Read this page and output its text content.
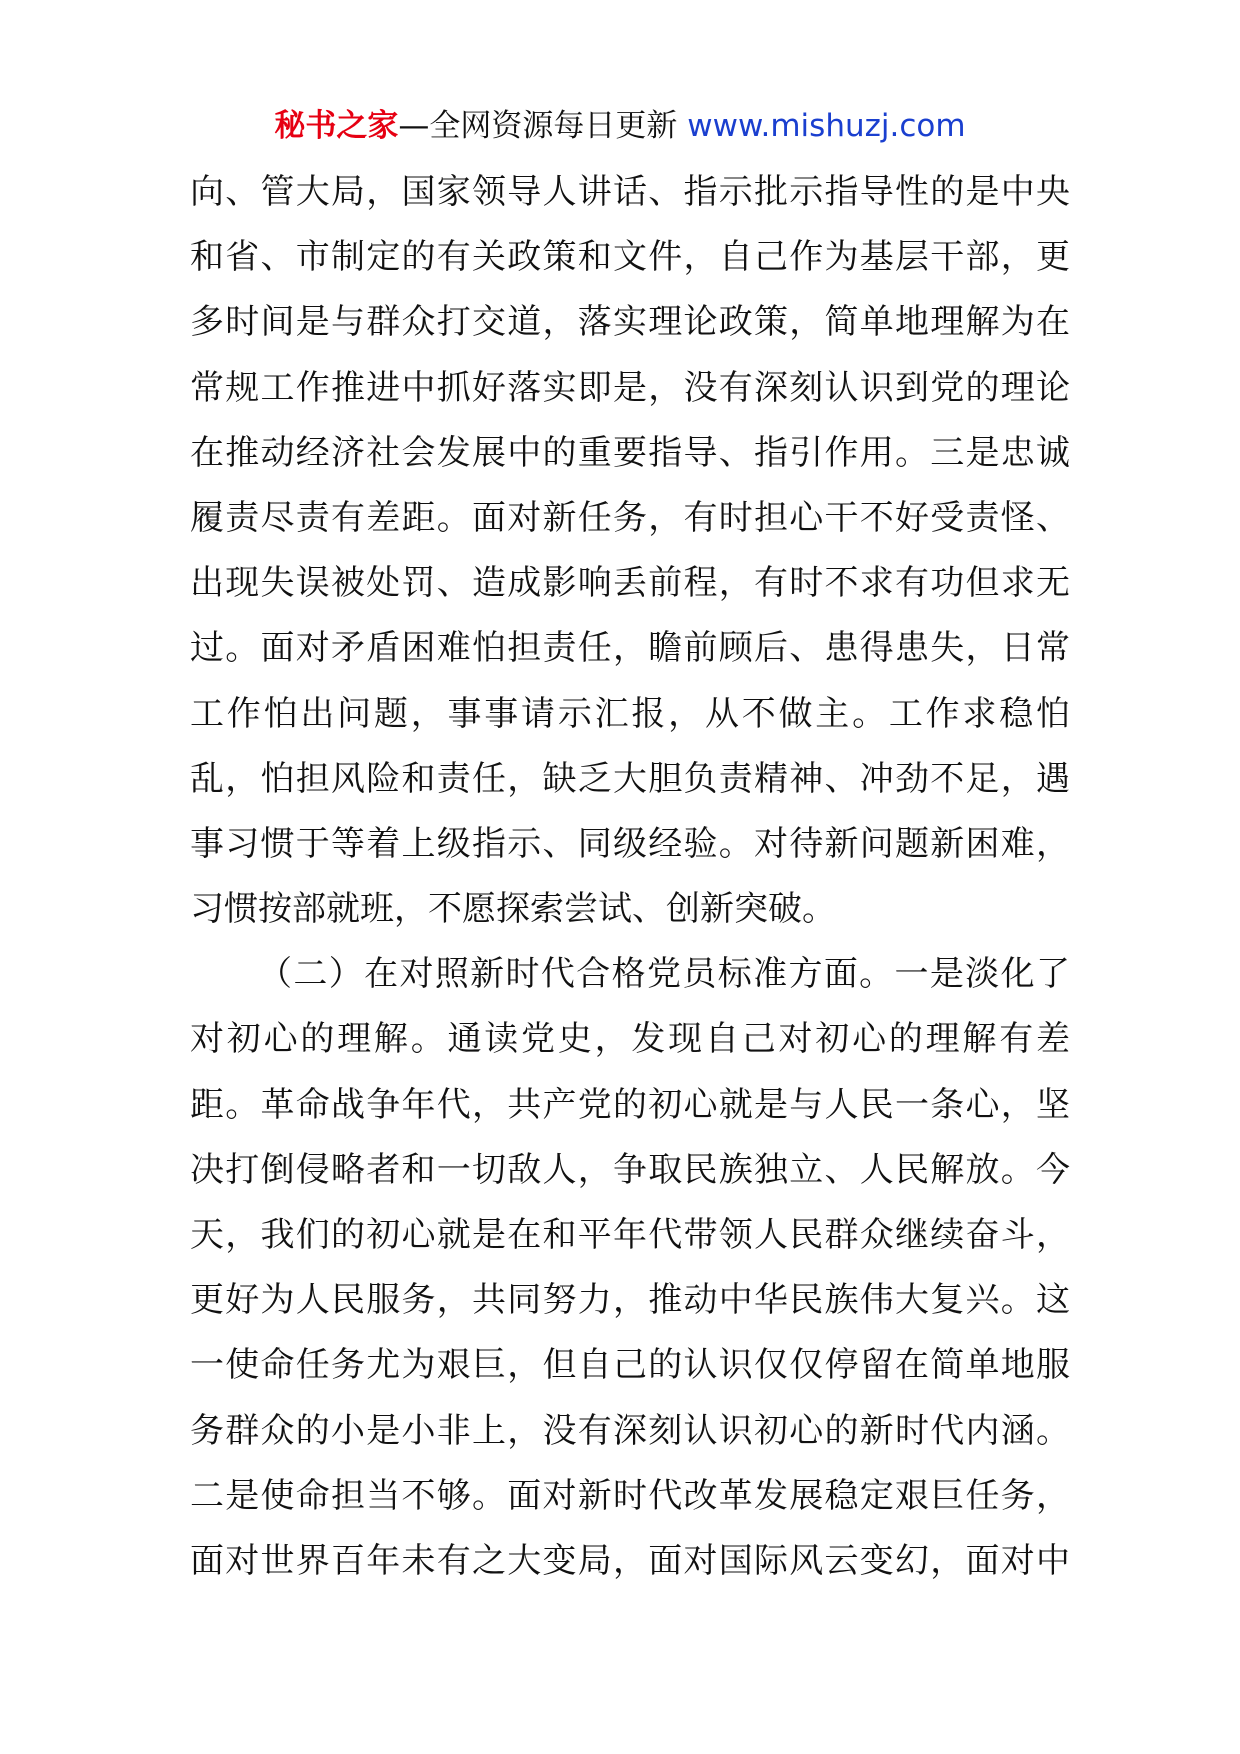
秘书之家—全网资源每日更新 www.mishuzj.com
向、管大局，国家领导人讲话、指示批示指导性的是中央
和省、市制定的有关政策和文件，自己作为基层干部，更
多时间是与群众打交道，落实理论政策，简单地理解为在
常规工作推进中抓好落实即是，没有深刻认识到党的理论
在推动经济社会发展中的重要指导、指引作用。三是忠诚
履责尽责有差距。面对新任务，有时担心干不好受责怪、
出现失误被处罚、造成影响丢前程，有时不求有功但求无
过。面对矛盾困难怕担责任，瞻前顾后、患得患失，日常
工作怕出问题，事事请示汇报，从不做主。工作求稳怕
乱，怕担风险和责任，缺乏大胆负责精神、冲劲不足，遇
事习惯于等着上级指示、同级经验。对待新问题新困难，
习惯按部就班，不愿探索尝试、创新突破。
（二）在对照新时代合格党员标准方面。一是淡化了
对初心的理解。通读党史，发现自己对初心的理解有差
距。革命战争年代，共产党的初心就是与人民一条心，坚
决打倒侵略者和一切敌人，争取民族独立、人民解放。今
天，我们的初心就是在和平年代带领人民群众继续奋斗，
更好为人民服务，共同努力，推动中华民族伟大复兴。这
一使命任务尤为艰巨，但自己的认识仅仅停留在简单地服
务群众的小是小非上，没有深刻认识初心的新时代内涵。
二是使命担当不够。面对新时代改革发展稳定艰巨任务，
面对世界百年未有之大变局，面对国际风云变幻，面对中
